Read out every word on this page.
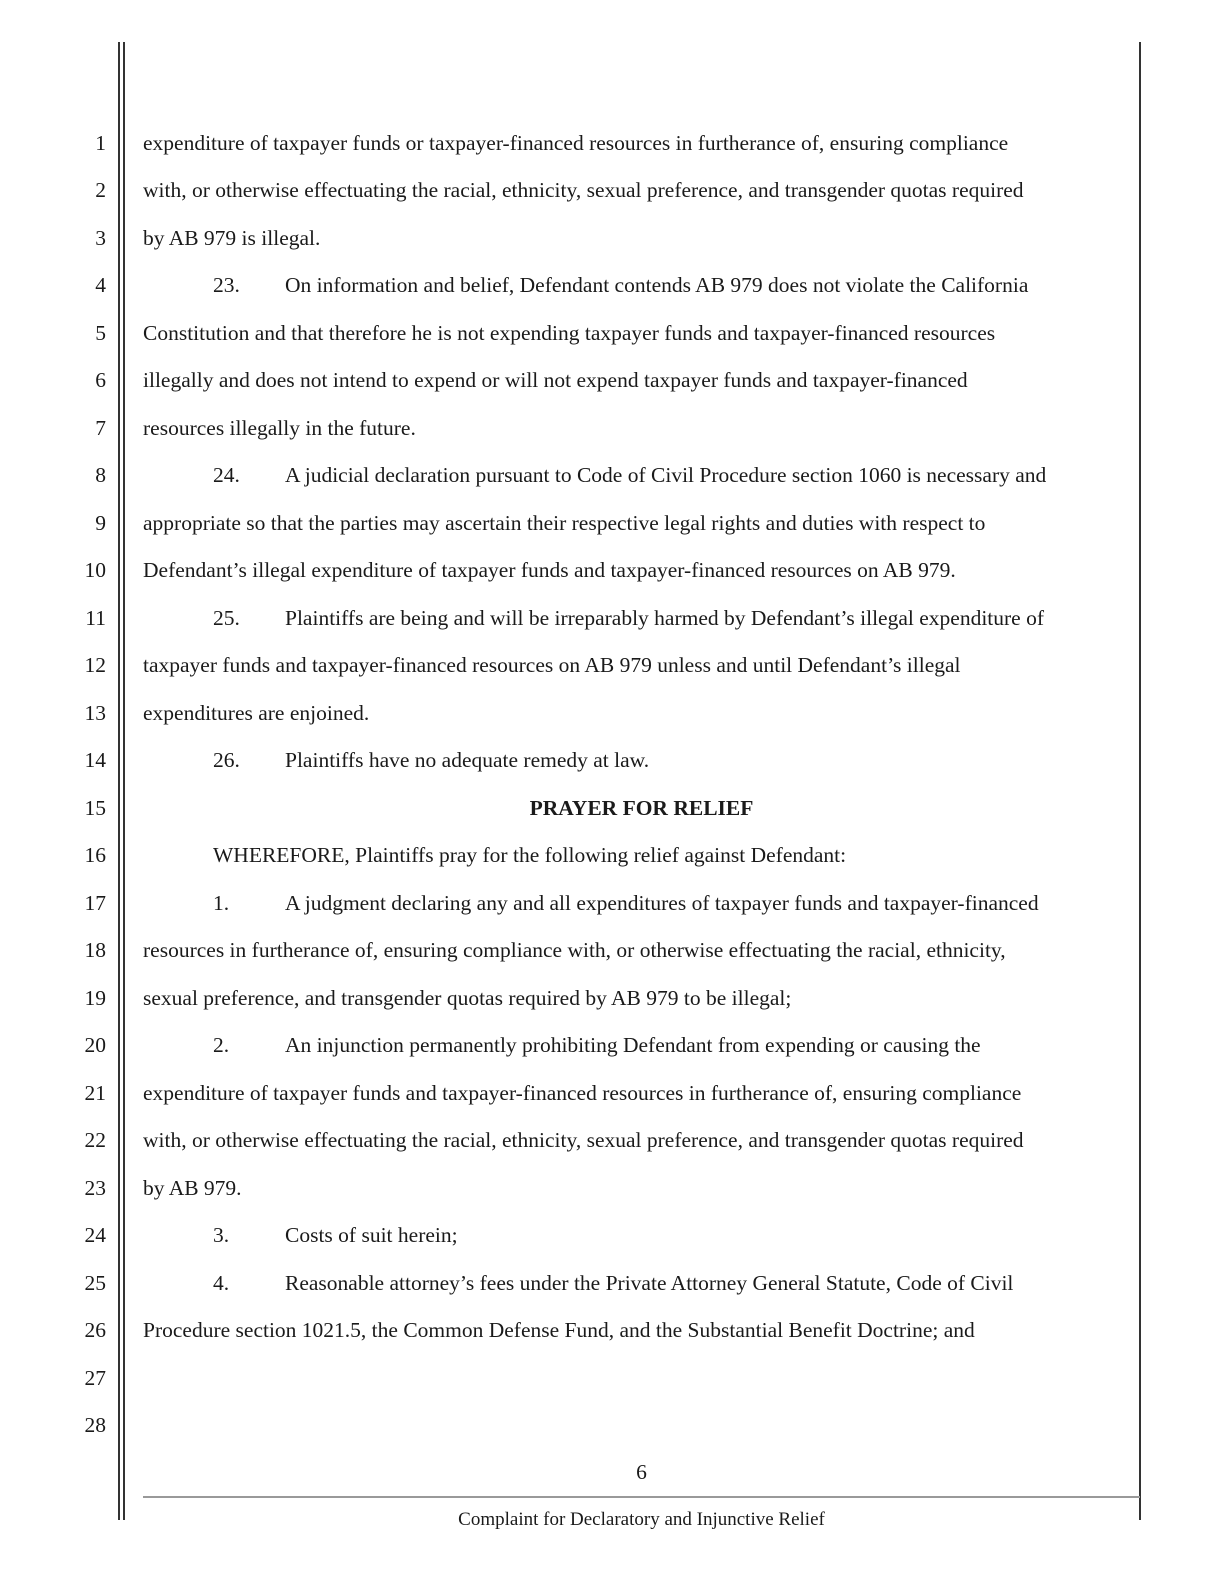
1
2
3
4
5
6
7
8
9
10
11
12
13
14
15
16
17
18
19
20
21
22
23
24
25
26
27
28
expenditure of taxpayer funds or taxpayer-financed resources in furtherance of, ensuring compliance
with, or otherwise effectuating the racial, ethnicity, sexual preference, and transgender quotas required
by AB 979 is illegal.
23. On information and belief, Defendant contends AB 979 does not violate the California
Constitution and that therefore he is not expending taxpayer funds and taxpayer-financed resources
illegally and does not intend to expend or will not expend taxpayer funds and taxpayer-financed
resources illegally in the future.
24. A judicial declaration pursuant to Code of Civil Procedure section 1060 is necessary and
appropriate so that the parties may ascertain their respective legal rights and duties with respect to
Defendant’s illegal expenditure of taxpayer funds and taxpayer-financed resources on AB 979.
25. Plaintiffs are being and will be irreparably harmed by Defendant’s illegal expenditure of
taxpayer funds and taxpayer-financed resources on AB 979 unless and until Defendant’s illegal
expenditures are enjoined.
26. Plaintiffs have no adequate remedy at law.
PRAYER FOR RELIEF
WHEREFORE, Plaintiffs pray for the following relief against Defendant:
1.	A judgment declaring any and all expenditures of taxpayer funds and taxpayer-financed
resources in furtherance of, ensuring compliance with, or otherwise effectuating the racial, ethnicity,
sexual preference, and transgender quotas required by AB 979 to be illegal;
2.	An injunction permanently prohibiting Defendant from expending or causing the
expenditure of taxpayer funds and taxpayer-financed resources in furtherance of, ensuring compliance
with, or otherwise effectuating the racial, ethnicity, sexual preference, and transgender quotas required
by AB 979.
3.	Costs of suit herein;
4.	Reasonable attorney’s fees under the Private Attorney General Statute, Code of Civil
Procedure section 1021.5, the Common Defense Fund, and the Substantial Benefit Doctrine; and
6
Complaint for Declaratory and Injunctive Relief
